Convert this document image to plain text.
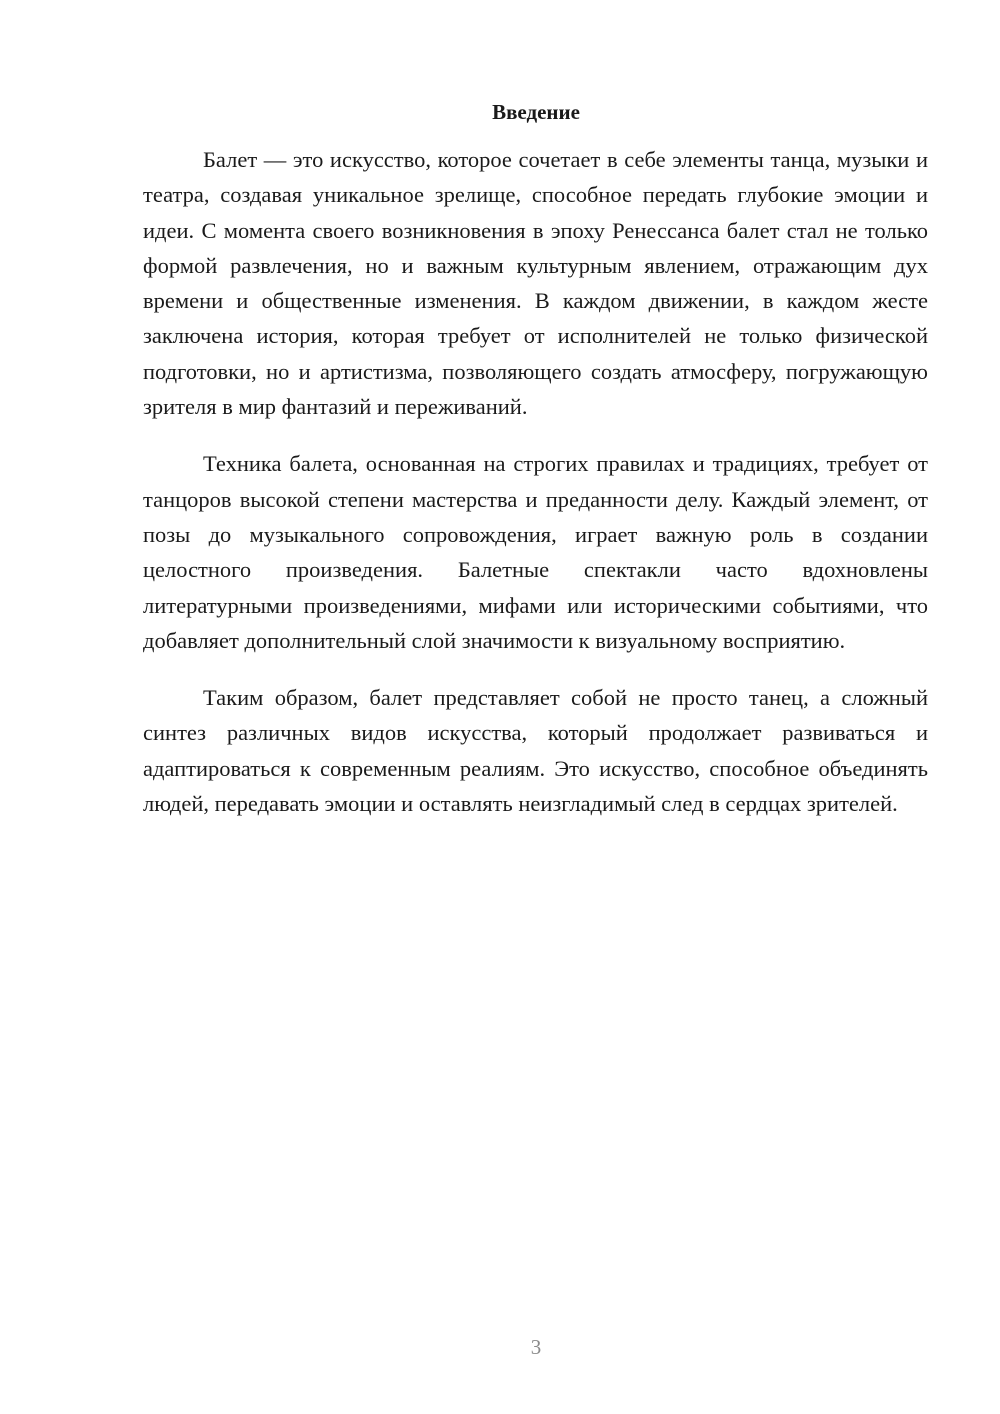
Введение

Балет — это искусство, которое сочетает в себе элементы танца, музыки и театра, создавая уникальное зрелище, способное передать глубокие эмоции и идеи. С момента своего возникновения в эпоху Ренессанса балет стал не только формой развлечения, но и важным культурным явлением, отражающим дух времени и общественные изменения. В каждом движении, в каждом жесте заключена история, которая требует от исполнителей не только физической подготовки, но и артистизма, позволяющего создать атмосферу, погружающую зрителя в мир фантазий и переживаний.

Техника балета, основанная на строгих правилах и традициях, требует от танцоров высокой степени мастерства и преданности делу. Каждый элемент, от позы до музыкального сопровождения, играет важную роль в создании целостного произведения. Балетные спектакли часто вдохновлены литературными произведениями, мифами или историческими событиями, что добавляет дополнительный слой значимости к визуальному восприятию.

Таким образом, балет представляет собой не просто танец, а сложный синтез различных видов искусства, который продолжает развиваться и адаптироваться к современным реалиям. Это искусство, способное объединять людей, передавать эмоции и оставлять неизгладимый след в сердцах зрителей.

3
